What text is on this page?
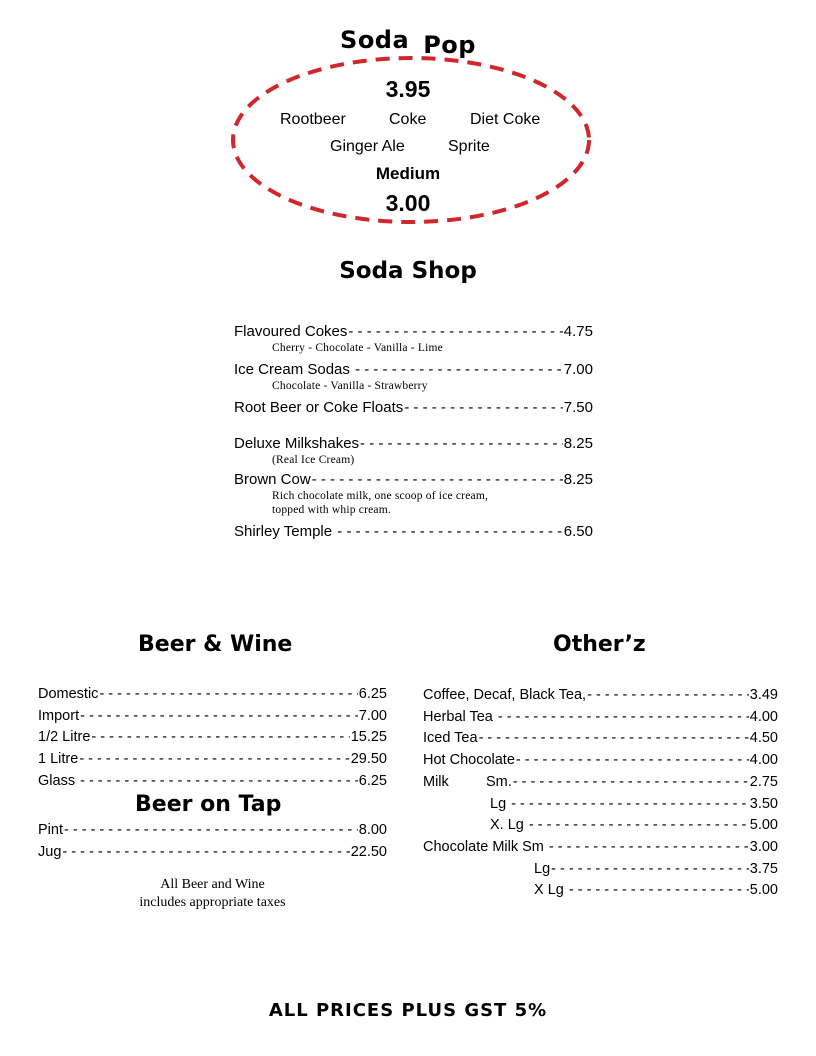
Soda Pop
3.95
Rootbeer	Coke	Diet Coke
Ginger Ale	Sprite
Medium
3.00
Soda Shop
Flavoured Cokes - - -	4.75
Cherry - Chocolate - Vanilla - Lime
Ice Cream Sodas - - -	7.00
Chocolate - Vanilla - Strawberry
Root Beer or Coke Floats - - -	7.50
Deluxe Milkshakes - - -	8.25
(Real Ice Cream)
Brown Cow - - -	8.25
Rich chocolate milk, one scoop of ice cream,
topped with whip cream.
Shirley Temple - - -	6.50
Beer & Wine
Domestic - - -	6.25
Import - - -	7.00
1/2 Litre - - -	15.25
1 Litre - - -	29.50
Glass - - -	6.25
Beer on Tap
Pint - - -	8.00
Jug - - -	22.50
All Beer and Wine
includes appropriate taxes
Other’z
Coffee, Decaf, Black Tea, - - -	3.49
Herbal Tea - - -	4.00
Iced Tea - - -	4.50
Hot Chocolate - - -	4.00
Milk	Sm. - - -	2.75
Lg - - -	3.50
X. Lg - - -	5.00
Chocolate Milk Sm - - -	3.00
Lg - - -	3.75
X Lg - - -	5.00
ALL PRICES PLUS GST 5%
